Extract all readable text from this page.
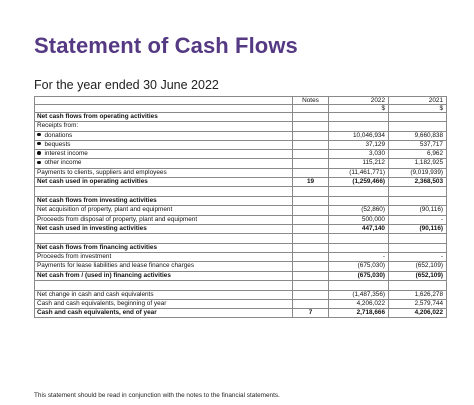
Statement of Cash Flows
For the year ended 30 June 2022
	Notes	2022	2021
		$	$
Net cash flows from operating activities			
Receipts from:			
donations		10,046,934	9,660,838
bequests		37,129	537,717
interest income		3,030	6,962
other income		115,212	1,182,925
Payments to clients, suppliers and employees		(11,461,771)	(9,019,939)
Net cash used in operating activities	19	(1,259,466)	2,368,503

Net cash flows from investing activities			
Net acquisition of property, plant and equipment		(52,860)	(90,116)
Proceeds from disposal of property, plant and equipment		500,000	-
Net cash used in investing activities		447,140	(90,116)

Net cash flows from financing activities			
Proceeds from investment		-	-
Payments for lease liabilities and lease finance charges		(675,030)	(652,109)
Net cash from / (used in) financing activities		(675,030)	(652,109)

Net change in cash and cash equivalents		(1,487,356)	1,626,278
Cash and cash equivalents, beginning of year		4,206,022	2,579,744
Cash and cash equivalents, end of year	7	2,718,666	4,206,022
This statement should be read in conjunction with the notes to the financial statements.
